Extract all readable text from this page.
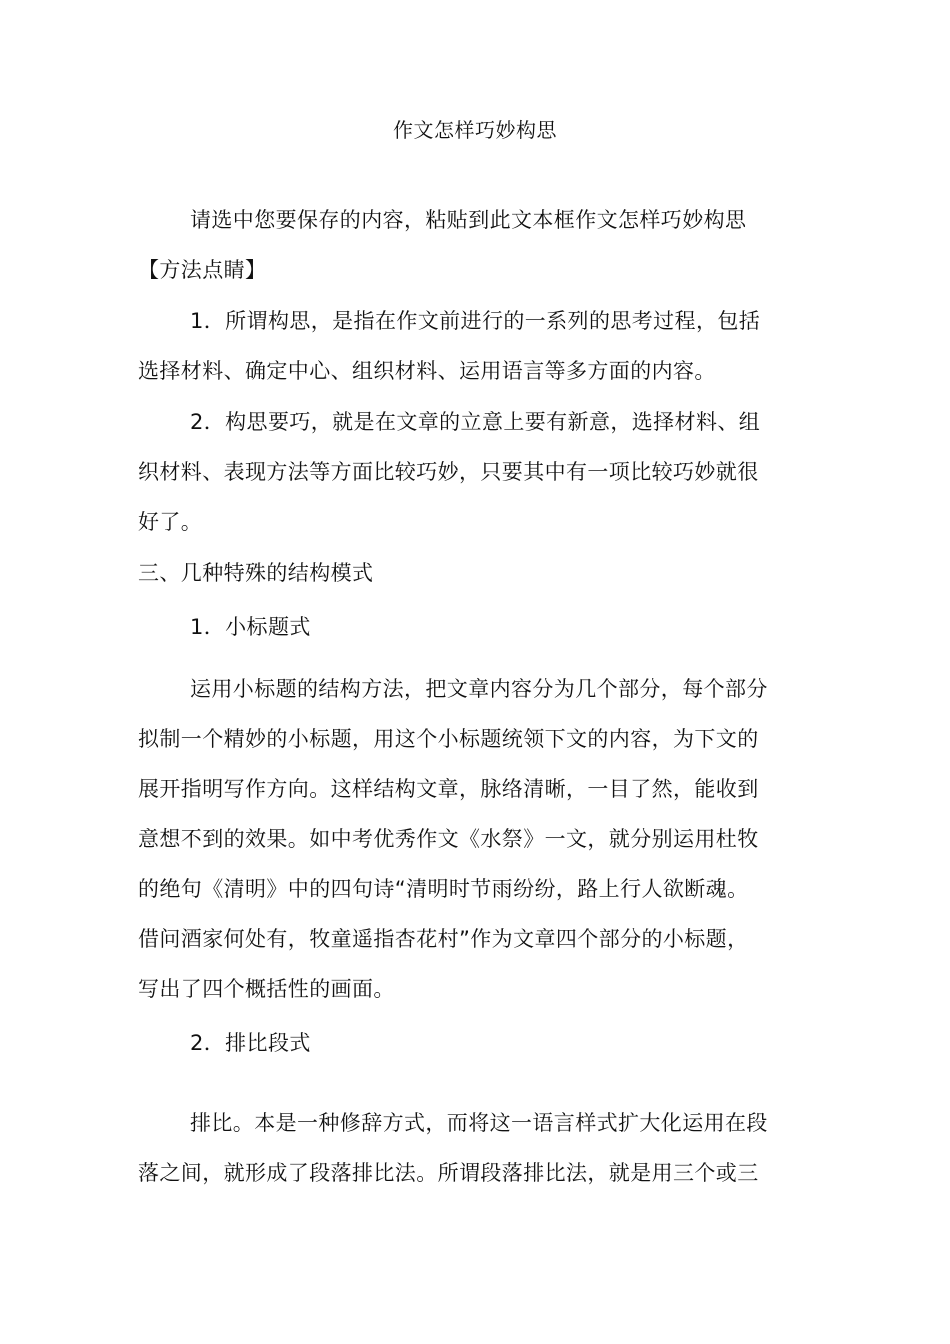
作文怎样巧妙构思
请选中您要保存的内容，粘贴到此文本框作文怎样巧妙构思
【方法点睛】
1．所谓构思，是指在作文前进行的一系列的思考过程，包括
选择材料、确定中心、组织材料、运用语言等多方面的内容。
2．构思要巧，就是在文章的立意上要有新意，选择材料、组
织材料、表现方法等方面比较巧妙，只要其中有一项比较巧妙就很
好了。
三、几种特殊的结构模式
1．小标题式
运用小标题的结构方法，把文章内容分为几个部分，每个部分
拟制一个精妙的小标题，用这个小标题统领下文的内容，为下文的
展开指明写作方向。这样结构文章，脉络清晰，一目了然，能收到
意想不到的效果。如中考优秀作文《水祭》一文，就分别运用杜牧
的绝句《清明》中的四句诗“清明时节雨纷纷，路上行人欲断魂。
借问酒家何处有，牧童遥指杏花村”作为文章四个部分的小标题，
写出了四个概括性的画面。
2．排比段式
排比。本是一种修辞方式，而将这一语言样式扩大化运用在段
落之间，就形成了段落排比法。所谓段落排比法，就是用三个或三
